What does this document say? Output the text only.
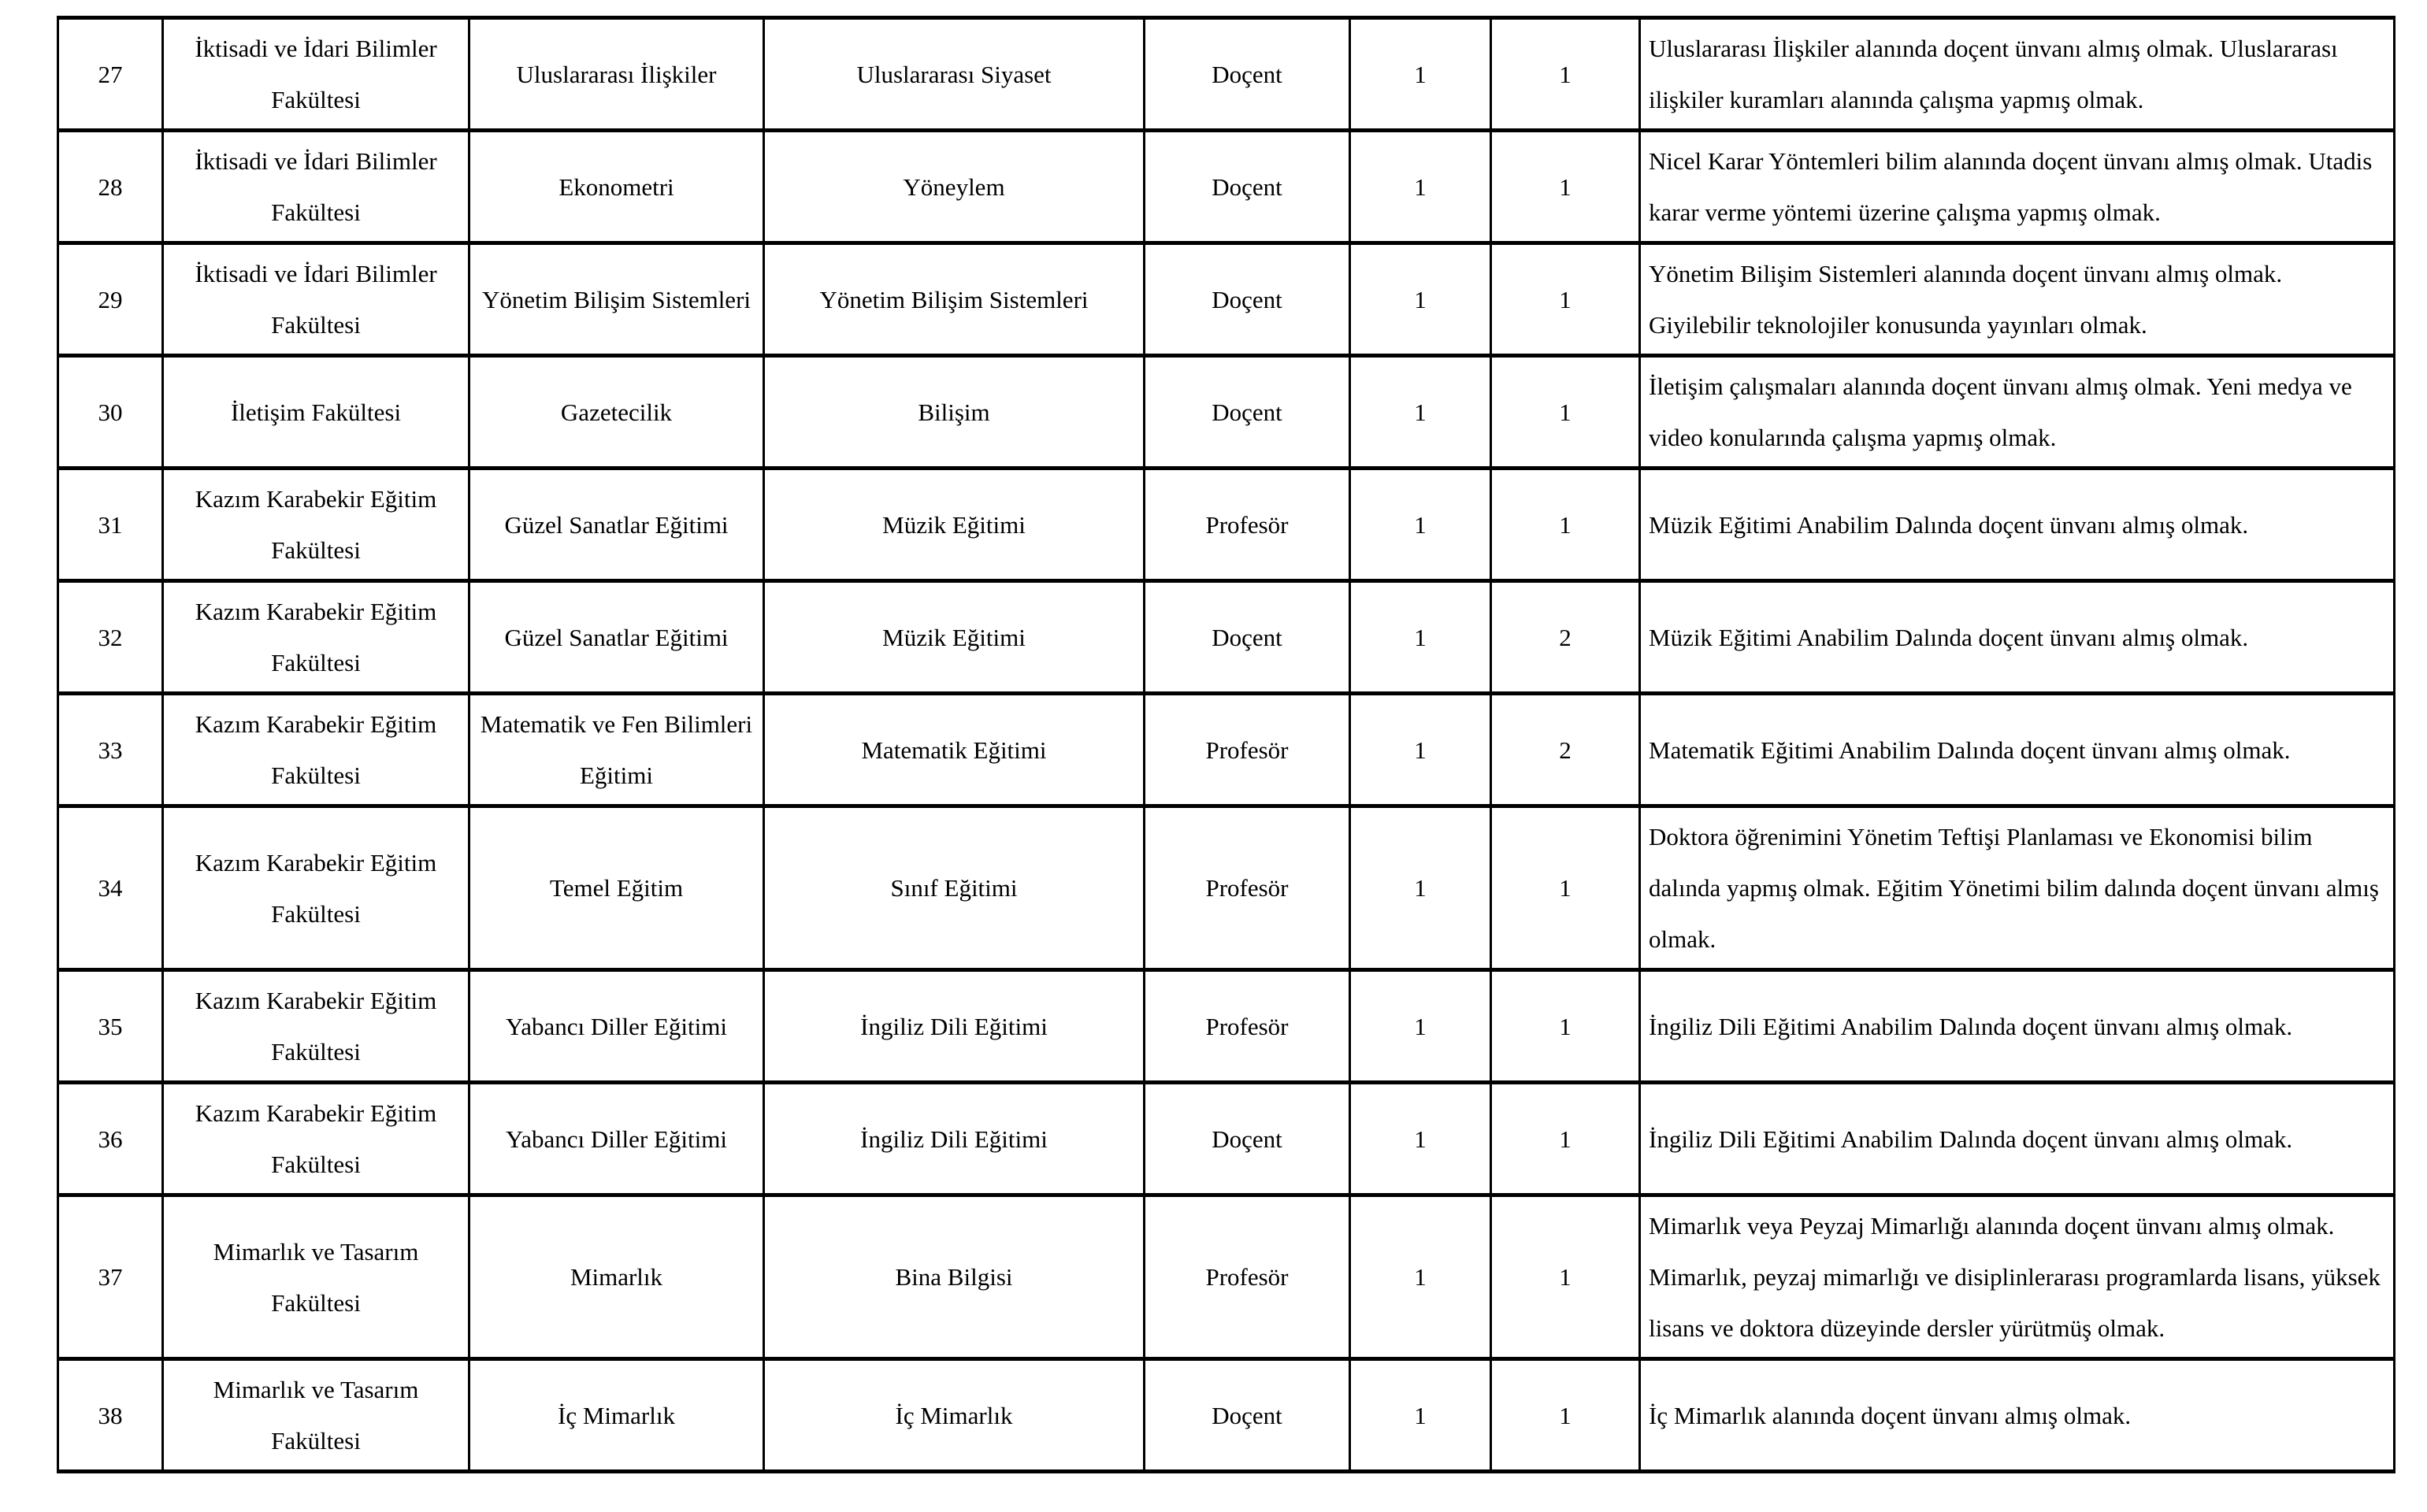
27	İktisadi ve İdari Bilimler Fakültesi	Uluslararası İlişkiler	Uluslararası Siyaset	Doçent	1	1	Uluslararası İlişkiler alanında doçent ünvanı almış olmak. Uluslararası ilişkiler kuramları alanında çalışma yapmış olmak.
28	İktisadi ve İdari Bilimler Fakültesi	Ekonometri	Yöneylem	Doçent	1	1	Nicel Karar Yöntemleri bilim alanında doçent ünvanı almış olmak. Utadis karar verme yöntemi üzerine çalışma yapmış olmak.
29	İktisadi ve İdari Bilimler Fakültesi	Yönetim Bilişim Sistemleri	Yönetim Bilişim Sistemleri	Doçent	1	1	Yönetim Bilişim Sistemleri alanında doçent ünvanı almış olmak. Giyilebilir teknolojiler konusunda yayınları olmak.
30	İletişim Fakültesi	Gazetecilik	Bilişim	Doçent	1	1	İletişim çalışmaları alanında doçent ünvanı almış olmak. Yeni medya ve video konularında çalışma yapmış olmak.
31	Kazım Karabekir Eğitim Fakültesi	Güzel Sanatlar Eğitimi	Müzik Eğitimi	Profesör	1	1	Müzik Eğitimi Anabilim Dalında doçent ünvanı almış olmak.
32	Kazım Karabekir Eğitim Fakültesi	Güzel Sanatlar Eğitimi	Müzik Eğitimi	Doçent	1	2	Müzik Eğitimi Anabilim Dalında doçent ünvanı almış olmak.
33	Kazım Karabekir Eğitim Fakültesi	Matematik ve Fen Bilimleri Eğitimi	Matematik Eğitimi	Profesör	1	2	Matematik Eğitimi Anabilim Dalında doçent ünvanı almış olmak.
34	Kazım Karabekir Eğitim Fakültesi	Temel Eğitim	Sınıf Eğitimi	Profesör	1	1	Doktora öğrenimini Yönetim Teftişi Planlaması ve Ekonomisi bilim dalında yapmış olmak. Eğitim Yönetimi bilim dalında doçent ünvanı almış olmak.
35	Kazım Karabekir Eğitim Fakültesi	Yabancı Diller Eğitimi	İngiliz Dili Eğitimi	Profesör	1	1	İngiliz Dili Eğitimi Anabilim Dalında doçent ünvanı almış olmak.
36	Kazım Karabekir Eğitim Fakültesi	Yabancı Diller Eğitimi	İngiliz Dili Eğitimi	Doçent	1	1	İngiliz Dili Eğitimi Anabilim Dalında doçent ünvanı almış olmak.
37	Mimarlık ve Tasarım Fakültesi	Mimarlık	Bina Bilgisi	Profesör	1	1	Mimarlık veya Peyzaj Mimarlığı alanında doçent ünvanı almış olmak. Mimarlık, peyzaj mimarlığı ve disiplinlerarası programlarda lisans, yüksek lisans ve doktora düzeyinde dersler yürütmüş olmak.
38	Mimarlık ve Tasarım Fakültesi	İç Mimarlık	İç Mimarlık	Doçent	1	1	İç Mimarlık alanında doçent ünvanı almış olmak.
